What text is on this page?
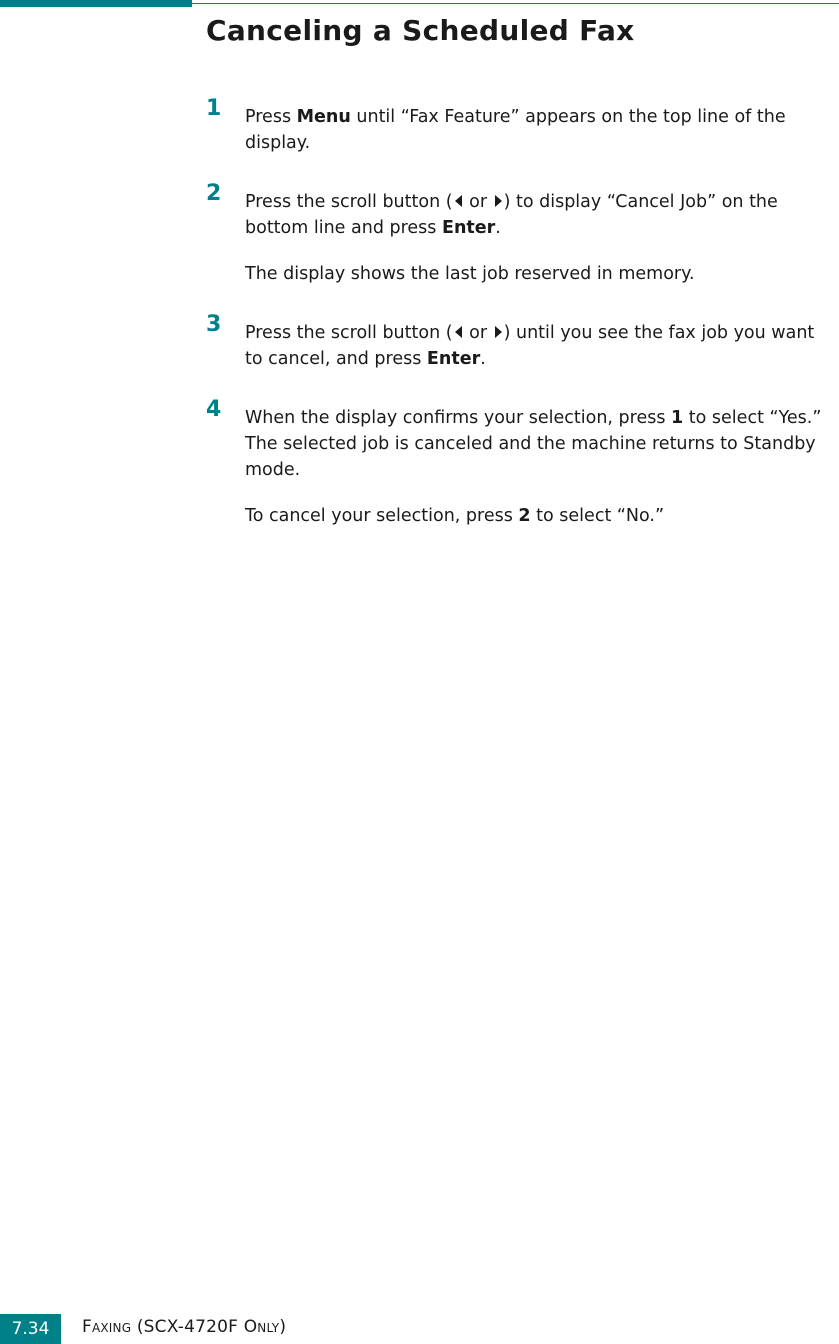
Canceling a Scheduled Fax
1 Press Menu until “Fax Feature” appears on the top line of the display.

2 Press the scroll button ( or ) to display “Cancel Job” on the bottom line and press Enter.

The display shows the last job reserved in memory.

3 Press the scroll button ( or ) until you see the fax job you want to cancel, and press Enter.

4 When the display confirms your selection, press 1 to select “Yes.” The selected job is canceled and the machine returns to Standby mode.

To cancel your selection, press 2 to select “No.”

7.34	Faxing (SCX-4720F Only)
